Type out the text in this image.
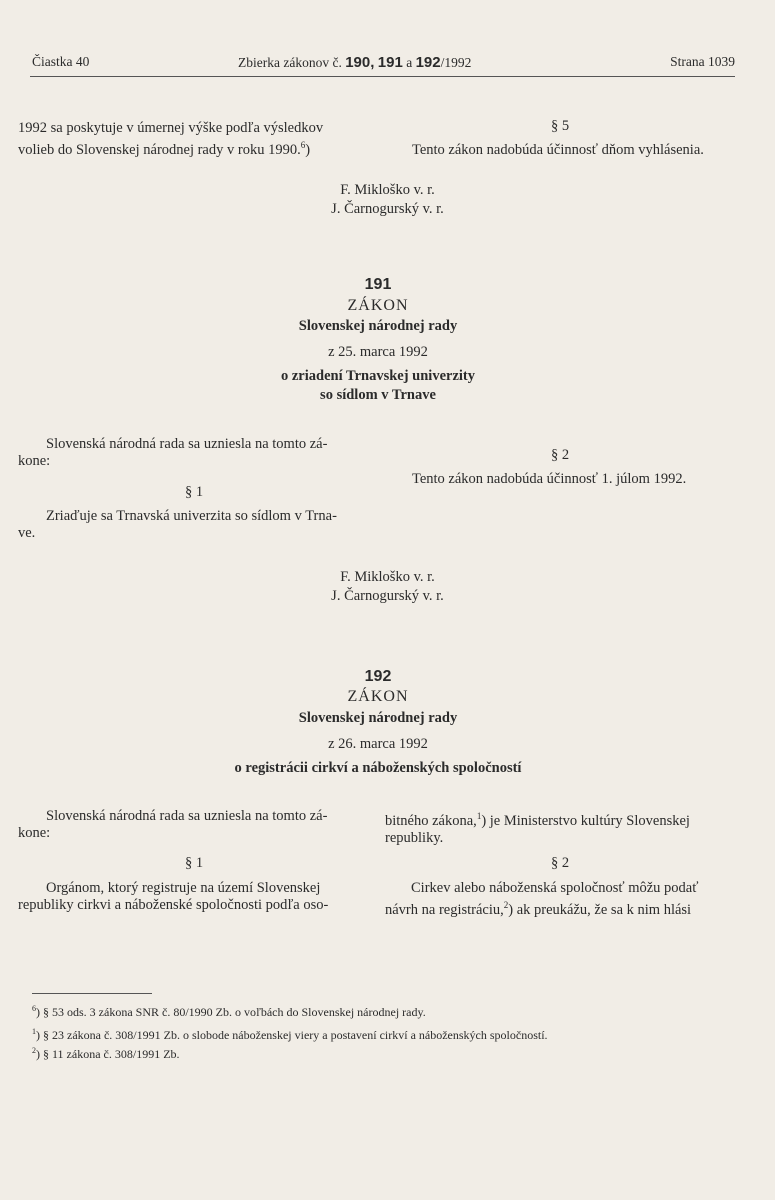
Čiastka 40	Zbierka zákonov č. 190, 191 a 192/1992	Strana 1039
1992 sa poskytuje v úmernej výške podľa výsledkov
volieb do Slovenskej národnej rady v roku 1990.$^6$)
§ 5
Tento zákon nadobúda účinnosť dňom vyhlásenia.
F. Mikloško v. r.
J. Čarnogurský v. r.
191
ZÁKON
Slovenskej národnej rady
z 25. marca 1992
o zriadení Trnavskej univerzity
so sídlom v Trnave
Slovenská národná rada sa uzniesla na tomto zá-
kone:
§ 1
Zriaďuje sa Trnavská univerzita so sídlom v Trna-
ve.
§ 2
Tento zákon nadobúda účinnosť 1. júlom 1992.
F. Mikloško v. r.
J. Čarnogurský v. r.
192
ZÁKON
Slovenskej národnej rady
z 26. marca 1992
o registrácii cirkví a náboženských spoločností
Slovenská národná rada sa uzniesla na tomto zá-
kone:
§ 1
Orgánom, ktorý registruje na území Slovenskej
republiky cirkvi a náboženské spoločnosti podľa oso-
bitného zákona,$^1$) je Ministerstvo kultúry Slovenskej
republiky.
§ 2
Cirkev alebo náboženská spoločnosť môžu podať
návrh na registráciu,$^2$) ak preukážu, že sa k nim hlási
$^6$) § 53 ods. 3 zákona SNR č. 80/1990 Zb. o voľbách do Slovenskej národnej rady.
$^1$) § 23 zákona č. 308/1991 Zb. o slobode náboženskej viery a postavení cirkví a náboženských spoločností.
$^2$) § 11 zákona č. 308/1991 Zb.
